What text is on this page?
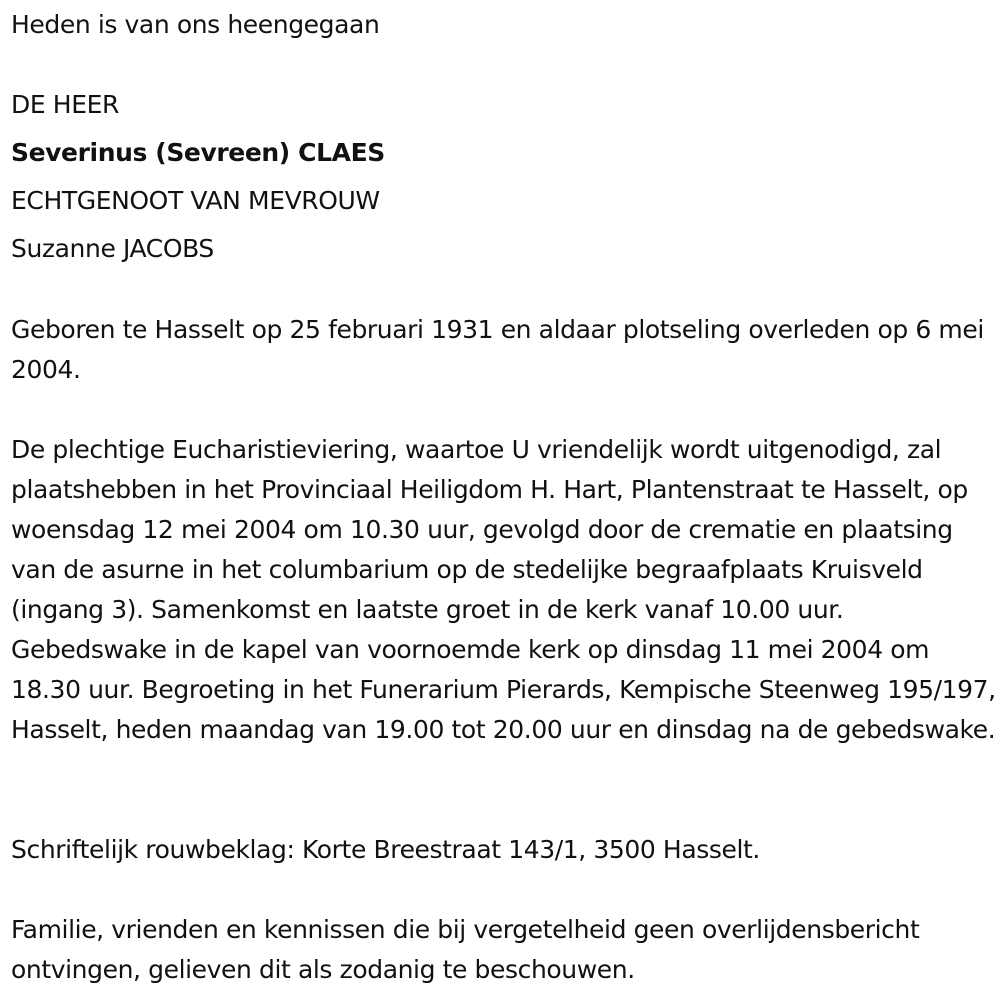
Heden is van ons heengegaan
DE HEER
Severinus (Sevreen) CLAES
ECHTGENOOT VAN MEVROUW
Suzanne JACOBS
Geboren te Hasselt op 25 februari 1931 en aldaar plotseling overleden op 6 mei 2004.
De plechtige Eucharistieviering, waartoe U vriendelijk wordt uitgenodigd, zal plaatshebben in het Provinciaal Heiligdom H. Hart, Plantenstraat te Hasselt, op woensdag 12 mei 2004 om 10.30 uur, gevolgd door de crematie en plaatsing van de asurne in het columbarium op de stedelijke begraafplaats Kruisveld (ingang 3). Samenkomst en laatste groet in de kerk vanaf 10.00 uur. Gebedswake in de kapel van voornoemde kerk op dinsdag 11 mei 2004 om 18.30 uur. Begroeting in het Funerarium Pierards, Kempische Steenweg 195/197, Hasselt, heden maandag van 19.00 tot 20.00 uur en dinsdag na de gebedswake.
Schriftelijk rouwbeklag: Korte Breestraat 143/1, 3500 Hasselt.
Familie, vrienden en kennissen die bij vergetelheid geen overlijdensbericht ontvingen, gelieven dit als zodanig te beschouwen.
